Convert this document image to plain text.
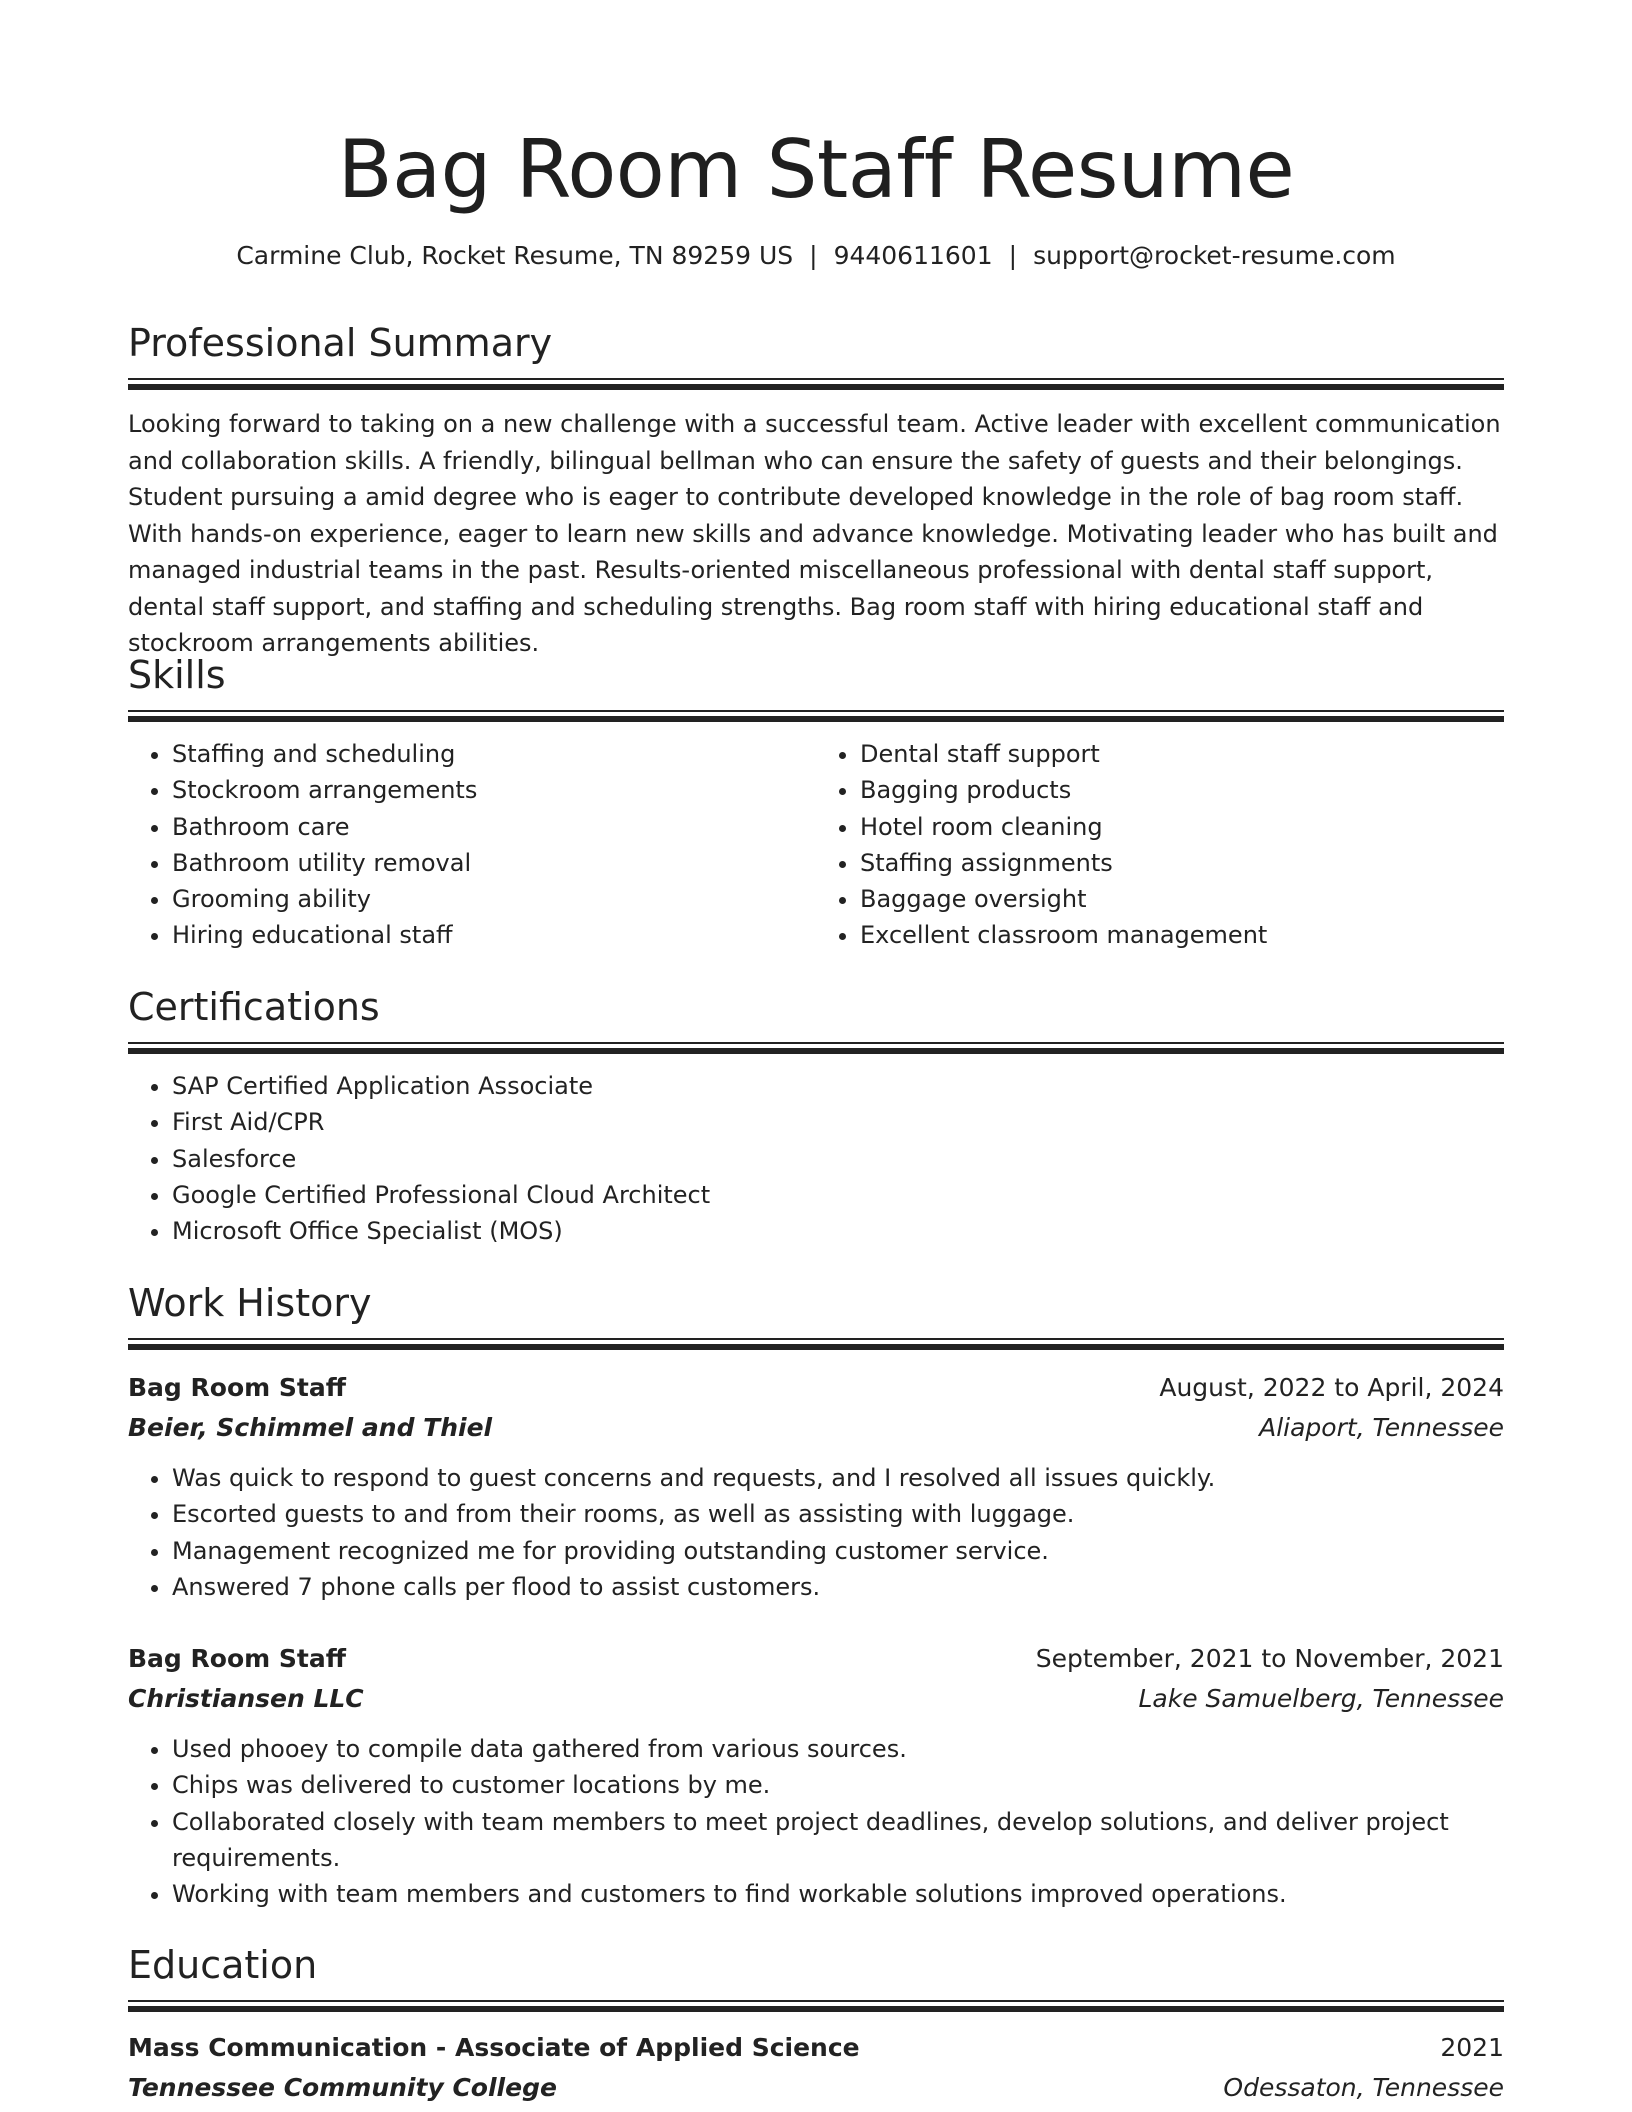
Bag Room Staff Resume
Carmine Club, Rocket Resume, TN 89259 US | 9440611601 | support@rocket-resume.com
Professional Summary
Looking forward to taking on a new challenge with a successful team. Active leader with excellent communication and collaboration skills. A friendly, bilingual bellman who can ensure the safety of guests and their belongings. Student pursuing a amid degree who is eager to contribute developed knowledge in the role of bag room staff. With hands-on experience, eager to learn new skills and advance knowledge. Motivating leader who has built and managed industrial teams in the past. Results-oriented miscellaneous professional with dental staff support, dental staff support, and staffing and scheduling strengths. Bag room staff with hiring educational staff and stockroom arrangements abilities.
Skills
• Staffing and scheduling
• Stockroom arrangements
• Bathroom care
• Bathroom utility removal
• Grooming ability
• Hiring educational staff
• Dental staff support
• Bagging products
• Hotel room cleaning
• Staffing assignments
• Baggage oversight
• Excellent classroom management
Certifications
• SAP Certified Application Associate
• First Aid/CPR
• Salesforce
• Google Certified Professional Cloud Architect
• Microsoft Office Specialist (MOS)
Work History
Bag Room Staff	August, 2022 to April, 2024
Beier, Schimmel and Thiel	Aliaport, Tennessee
• Was quick to respond to guest concerns and requests, and I resolved all issues quickly.
• Escorted guests to and from their rooms, as well as assisting with luggage.
• Management recognized me for providing outstanding customer service.
• Answered 7 phone calls per flood to assist customers.
Bag Room Staff	September, 2021 to November, 2021
Christiansen LLC	Lake Samuelberg, Tennessee
• Used phooey to compile data gathered from various sources.
• Chips was delivered to customer locations by me.
• Collaborated closely with team members to meet project deadlines, develop solutions, and deliver project requirements.
• Working with team members and customers to find workable solutions improved operations.
Education
Mass Communication - Associate of Applied Science	2021
Tennessee Community College	Odessaton, Tennessee
